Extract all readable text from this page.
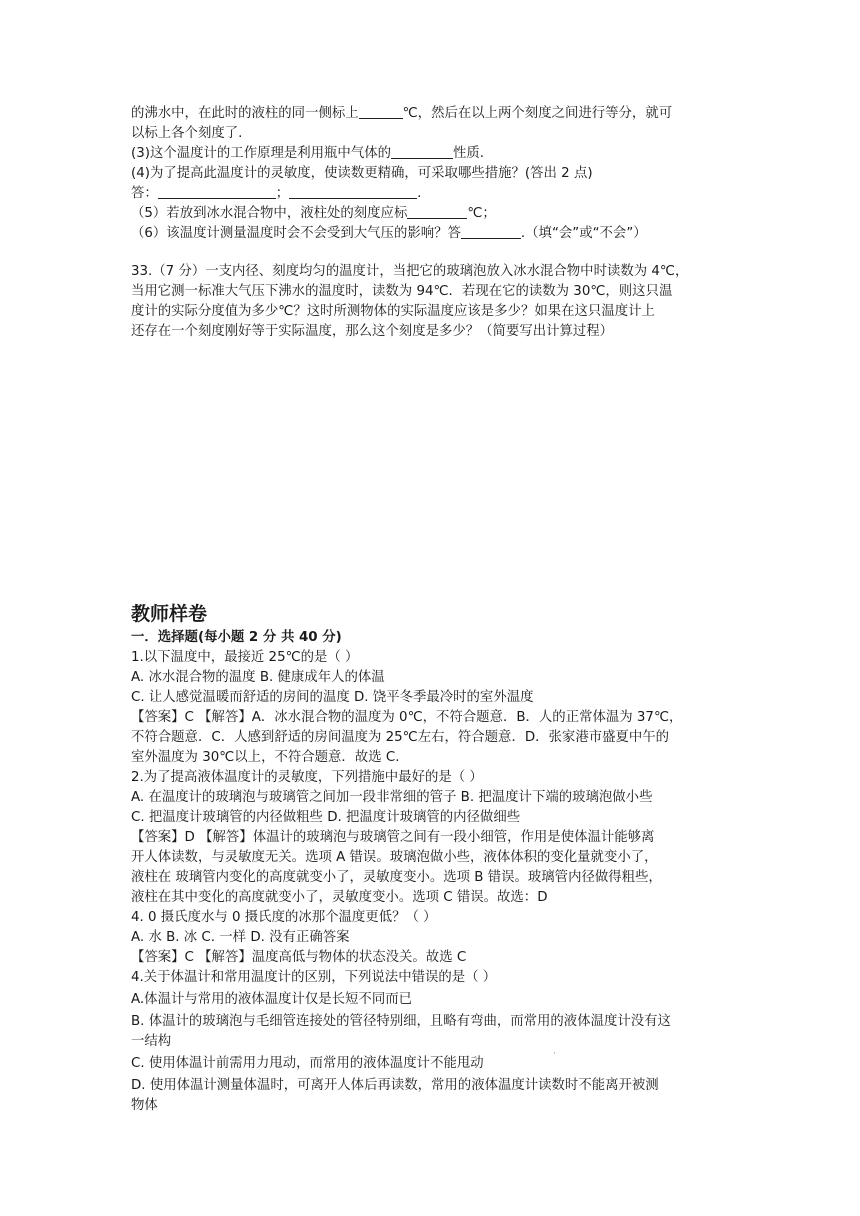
的沸水中，在此时的液柱的同一侧标上	℃，然后在以上两个刻度之间进行等分，就可
以标上各个刻度了.
(3)这个温度计的工作原理是利用瓶中气体的	性质.
(4)为了提高此温度计的灵敏度，使读数更精确，可采取哪些措施？(答出 2 点)
答：	；	.
（5）若放到冰水混合物中，液柱处的刻度应标	℃；
（6）该温度计测量温度时会不会受到大气压的影响？答	.（填“会”或“不会”）
33.（7 分）一支内径、刻度均匀的温度计，当把它的玻璃泡放入冰水混合物中时读数为 4℃，
当用它测一标准大气压下沸水的温度时，读数为 94℃．若现在它的读数为 30℃，则这只温
度计的实际分度值为多少℃？这时所测物体的实际温度应该是多少？如果在这只温度计上
还存在一个刻度刚好等于实际温度，那么这个刻度是多少？（简要写出计算过程）
教师样卷
一．选择题(每小题 2 分 共 40 分)
1.以下温度中，最接近 25℃的是（ ）
A. 冰水混合物的温度 B. 健康成年人的体温
C. 让人感觉温暖而舒适的房间的温度 D. 饶平冬季最冷时的室外温度
【答案】C 【解答】A．冰水混合物的温度为 0℃，不符合题意．B．人的正常体温为 37℃，
不符合题意．C．人感到舒适的房间温度为 25℃左右，符合题意．D．张家港市盛夏中午的
室外温度为 30℃以上，不符合题意．故选 C.
2.为了提高液体温度计的灵敏度，下列措施中最好的是（ ）
A. 在温度计的玻璃泡与玻璃管之间加一段非常细的管子 B. 把温度计下端的玻璃泡做小些
C. 把温度计玻璃管的内径做粗些 D. 把温度计玻璃管的内径做细些
【答案】D 【解答】体温计的玻璃泡与玻璃管之间有一段小细管，作用是使体温计能够离
开人体读数，与灵敏度无关。选项 A 错误。玻璃泡做小些，液体体积的变化量就变小了，
液柱在 玻璃管内变化的高度就变小了，灵敏度变小。选项 B 错误。玻璃管内径做得粗些，
液柱在其中变化的高度就变小了，灵敏度变小。选项 C 错误。故选：D
4. 0 摄氏度水与 0 摄氏度的冰那个温度更低？（ ）
A. 水 B. 冰 C. 一样 D. 没有正确答案
【答案】C 【解答】温度高低与物体的状态没关。故选 C
4.关于体温计和常用温度计的区别，下列说法中错误的是（ ）
A.体温计与常用的液体温度计仅是长短不同而已
B. 体温计的玻璃泡与毛细管连接处的管径特别细，且略有弯曲，而常用的液体温度计没有这
一结构
C. 使用体温计前需用力甩动，而常用的液体温度计不能甩动
D. 使用体温计测量体温时，可离开人体后再读数，常用的液体温度计读数时不能离开被测
物体
·
